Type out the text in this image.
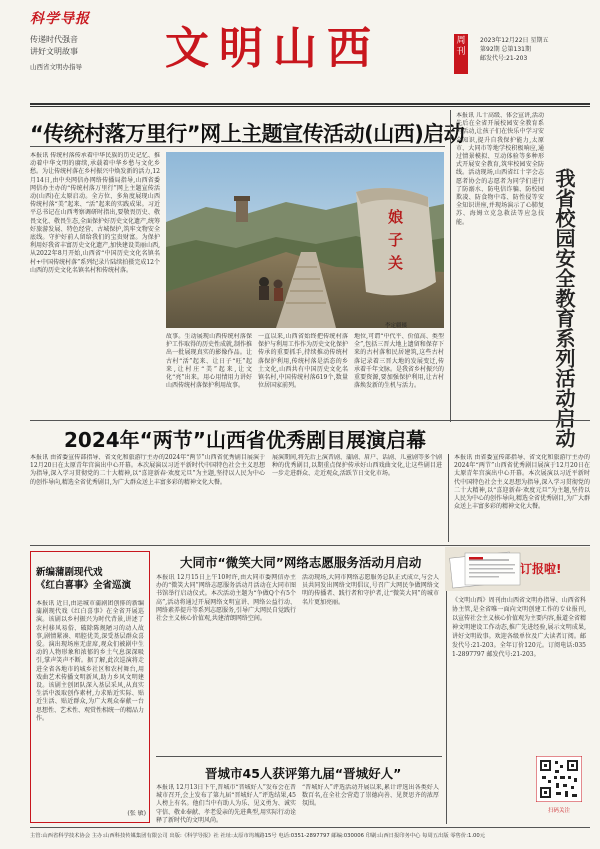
科学导报
传递时代强音
讲好文明故事
山西省文明办指导	文明山西	周刊
2023年12月22日 星期五
第92期 总第131期
邮发代号:21-203
“传统村落万里行”网上主题宣传活动(山西)启动
本报讯 传统村落传承着中华民族的历史记忆、推动着中华文明的赓续,承载着中华乡愁与文化乡愁。为让传统村落在乡村振兴中焕发新的活力,12月14日,由中央网信办网络传播局指导,山西省委网信办主办的“传统村落万里行”网上主题宣传活动(山西)在太原启动。全方位、多角度展现山西传统村落“美”起来、“活”起来的实践成果。习近平总书记在山西考察调研时指出,要敬畏历史、敬畏文化、敬畏生态,全面保护好历史文化遗产,统筹好旅游发展、特色经营、古城保护,筑牢文物安全底线。守护好前人留给我们的宝贵财富。为保护利用好我省丰富历史文化遗产,加快建设美丽山西,从2022年8月开始,山西省“中国历史文化名镇名村+中国传统村落”系列纪录片陆续拍摄完成12个山西的历史文化名镇名村和传统村落。
娘
子
关
李定疆摄
故事。生动展现山西传统村落保护工作取得的历史性成就,制作推出一批展现真实的影像作品。让古村“活”起来、让日子“旺”起来,让村庄“美”起来,让文化“亮”出来。用心用情用力讲好山西传统村落保护利用故事。
一直以来,山西省始终把传统村落保护与利用工作作为历史文化保护传承的重要抓手,持续推动传统村落保护利用,传统村落是活态的乡土文化,山西共有中国历史文化名镇名村,中国传统村落619个,数量位居国家前列。
地位,可谓“中代平、价值高、类型全”,包括三晋大地上遗留和保存下来的古村落和民居建筑,这些古村落记录着三晋大地的发展变迁,传承着千年文脉。是我省乡村振兴的重要资源,要加强保护利用,让古村落焕发新的生机与活力。
本报讯 儿十高级、体会宣讲,活动先后在全省开展校园安全教育系列活动,让孩子们在快乐中学习安全知识,提升自我保护能力,太原市、大同市等地学校积极响应,通过情景模拟、互动体验等多种形式开展安全教育,筑牢校园安全防线。活动现场,山西省红十字会志愿者协会的志愿者为同学们进行了防溺水、防电信诈骗、防校园欺凌、防食物中毒、防性侵等安全知识讲座,并现场演示了心肺复苏、海姆立克急救法等应急技能。	我省校园安全教育系列活动启动
2024年“两节”山西省优秀剧目展演启幕
本报讯 由省委宣传部指导、省文化和旅游厅主办的2024年“两节”山西省优秀剧目展演于12月20日在太原青年宫演出中心开幕。本次展演以习近平新时代中国特色社会主义思想为指导,深入学习贯彻党的二十大精神,以“喜迎新春·欢度元旦”为主题,坚持以人民为中心的创作导向,精选全省优秀剧目,为广大群众送上丰富多彩的精神文化大餐。
展演期间,将先后上演晋剧、蒲剧、眉户、话剧、儿童剧等多个剧种的优秀剧目,以期重点保护传承好山西戏曲文化,让这些剧目进一步走进群众、走近观众,活跃节日文化市场。
本报讯 由省委宣传部指导、省文化和旅游厅主办的2024年“两节”山西省优秀剧目展演于12月20日在太原青年宫演出中心开幕。本次展演以习近平新时代中国特色社会主义思想为指导,深入学习贯彻党的二十大精神,以“喜迎新春·欢度元旦”为主题,坚持以人民为中心的创作导向,精选全省优秀剧目,为广大群众送上丰富多彩的精神文化大餐。
新编蒲剧现代戏
《红白喜事》全省巡演
本报讯 近日,由运城市蒲剧团创排的新编蒲剧现代戏《红白喜事》在全省开展巡演。该剧以乡村振兴为时代背景,讲述了农村移风易俗、破除陈规陋习的动人故事,剧情紧凑、唱腔优美,深受基层群众喜爱。演出现场座无虚席,观众们被剧中生动的人物形象和浓郁的乡土气息深深吸引,掌声笑声不断。据了解,此次巡演将走进全省各地市的城乡社区和农村舞台,用戏曲艺术传播文明新风,助力乡风文明建设。该剧主创团队深入基层采风,从真实生活中汲取创作素材,力求贴近实际、贴近生活、贴近群众,为广大观众奉献一台思想性、艺术性、观赏性相统一的精品力作。
(张 敏)
大同市“微笑大同”网络志愿服务活动月启动
本报讯 12月15日上午10时许,由大同市委网信办主办的“微笑大同”网络志愿服务活动月活动在大同市图书馆举行启动仪式。本次活动主题为“争做Q个有5个高”,活动将通过开展网络文明宣讲、网络公益行动、网络素养提升等系列志愿服务,引导广大网民自觉践行社会主义核心价值观,共建清朗网络空间。
活动现场,大同市网络志愿服务总队正式成立,与会人员共同发出网络文明倡议,号召广大网民争做网络文明的传播者、践行者和守护者,让“微笑大同”的城市名片更加亮丽。
晋城市45人获评第九届“晋城好人”
本报讯 12月13日下午,晋城市“晋城好人”发布会在晋城市召开,会上发布了第九届“晋城好人”评选结果,45人榜上有名。他们当中有助人为乐、见义勇为、诚实守信、敬业奉献、孝老爱亲的先进典型,用实际行动诠释了新时代的文明风尚。
“晋城好人”评选活动开展以来,累计评选出各类好人数百名,在全社会营造了崇德向善、见贤思齐的浓厚氛围。
订报啦!
《文明山西》周刊由山西省文明办指导、山西省科协主管,是全省唯一面向文明创建工作的专业报刊,以宣传社会主义核心价值观为主要内容,报道全省精神文明建设工作动态,推广先进经验,展示文明成果,讲好文明故事。欢迎各级单位及广大读者订阅。邮发代号:21-203。全年订价120元。订阅电话:0351-2897797 邮发代号:21-203。
扫码关注
主管:山西省科学技术协会 主办:山西科技传媒集团有限公司 出版:《科学导报》社 社址:太原市坞城路15号 电话:0351-2897797 邮编:030006 印刷:山西日报印务中心 每周五出版 零售价:1.00元
